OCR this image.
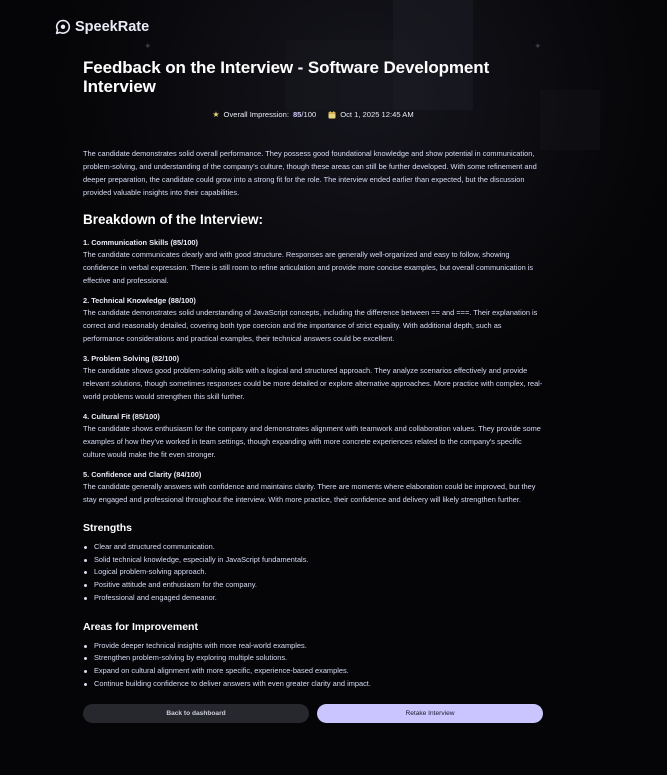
✦	✦
SpeekRate
Feedback on the Interview - Software Development Interview
★ Overall Impression: 85/100	Oct 1, 2025 12:45 AM

The candidate demonstrates solid overall performance. They possess good foundational knowledge and show potential in communication, problem-solving, and understanding of the company's culture, though these areas can still be further developed. With some refinement and deeper preparation, the candidate could grow into a strong fit for the role. The interview ended earlier than expected, but the discussion provided valuable insights into their capabilities.

Breakdown of the Interview:
1. Communication Skills (85/100)
The candidate communicates clearly and with good structure. Responses are generally well-organized and easy to follow, showing confidence in verbal expression. There is still room to refine articulation and provide more concise examples, but overall communication is effective and professional.
2. Technical Knowledge (88/100)
The candidate demonstrates solid understanding of JavaScript concepts, including the difference between == and ===. Their explanation is correct and reasonably detailed, covering both type coercion and the importance of strict equality. With additional depth, such as performance considerations and practical examples, their technical answers could be excellent.
3. Problem Solving (82/100)
The candidate shows good problem-solving skills with a logical and structured approach. They analyze scenarios effectively and provide relevant solutions, though sometimes responses could be more detailed or explore alternative approaches. More practice with complex, real-world problems would strengthen this skill further.
4. Cultural Fit (85/100)
The candidate shows enthusiasm for the company and demonstrates alignment with teamwork and collaboration values. They provide some examples of how they've worked in team settings, though expanding with more concrete experiences related to the company's specific culture would make the fit even stronger.
5. Confidence and Clarity (84/100)
The candidate generally answers with confidence and maintains clarity. There are moments where elaboration could be improved, but they stay engaged and professional throughout the interview. With more practice, their confidence and delivery will likely strengthen further.
Strengths
Clear and structured communication.
Solid technical knowledge, especially in JavaScript fundamentals.
Logical problem-solving approach.
Positive attitude and enthusiasm for the company.
Professional and engaged demeanor.
Areas for Improvement
Provide deeper technical insights with more real-world examples.
Strengthen problem-solving by exploring multiple solutions.
Expand on cultural alignment with more specific, experience-based examples.
Continue building confidence to deliver answers with even greater clarity and impact.
Back to dashboard	Retake Interview
